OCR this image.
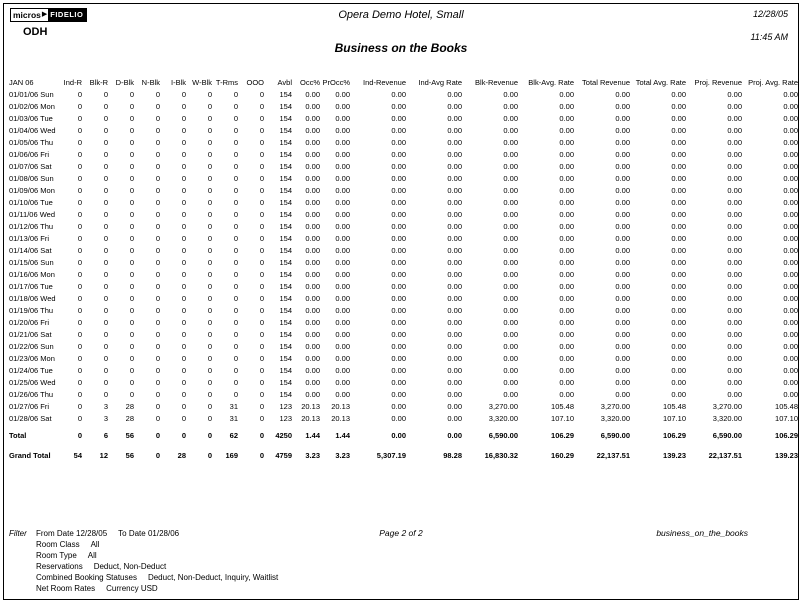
micros ▶ FIDELIO
ODH
Opera Demo Hotel, Small	12/28/05
11:45 AM
Business on the Books
JAN 06	Ind-R	Blk-R	D-Blk	N-Blk	I-Blk	W-Blk	T-Rms	OOO	Avbl	Occ%	PrOcc%	Ind-Revenue	Ind-Avg Rate	Blk-Revenue	Blk-Avg. Rate	Total Revenue	Total Avg. Rate	Proj. Revenue	Proj. Avg. Rate
01/01/06 Sun	0	0	0	0	0	0	0	0	154	0.00	0.00	0.00	0.00	0.00	0.00	0.00	0.00	0.00	0.00
01/02/06 Mon	0	0	0	0	0	0	0	0	154	0.00	0.00	0.00	0.00	0.00	0.00	0.00	0.00	0.00	0.00
01/03/06 Tue	0	0	0	0	0	0	0	0	154	0.00	0.00	0.00	0.00	0.00	0.00	0.00	0.00	0.00	0.00
01/04/06 Wed	0	0	0	0	0	0	0	0	154	0.00	0.00	0.00	0.00	0.00	0.00	0.00	0.00	0.00	0.00
01/05/06 Thu	0	0	0	0	0	0	0	0	154	0.00	0.00	0.00	0.00	0.00	0.00	0.00	0.00	0.00	0.00
01/06/06 Fri	0	0	0	0	0	0	0	0	154	0.00	0.00	0.00	0.00	0.00	0.00	0.00	0.00	0.00	0.00
01/07/06 Sat	0	0	0	0	0	0	0	0	154	0.00	0.00	0.00	0.00	0.00	0.00	0.00	0.00	0.00	0.00
01/08/06 Sun	0	0	0	0	0	0	0	0	154	0.00	0.00	0.00	0.00	0.00	0.00	0.00	0.00	0.00	0.00
01/09/06 Mon	0	0	0	0	0	0	0	0	154	0.00	0.00	0.00	0.00	0.00	0.00	0.00	0.00	0.00	0.00
01/10/06 Tue	0	0	0	0	0	0	0	0	154	0.00	0.00	0.00	0.00	0.00	0.00	0.00	0.00	0.00	0.00
01/11/06 Wed	0	0	0	0	0	0	0	0	154	0.00	0.00	0.00	0.00	0.00	0.00	0.00	0.00	0.00	0.00
01/12/06 Thu	0	0	0	0	0	0	0	0	154	0.00	0.00	0.00	0.00	0.00	0.00	0.00	0.00	0.00	0.00
01/13/06 Fri	0	0	0	0	0	0	0	0	154	0.00	0.00	0.00	0.00	0.00	0.00	0.00	0.00	0.00	0.00
01/14/06 Sat	0	0	0	0	0	0	0	0	154	0.00	0.00	0.00	0.00	0.00	0.00	0.00	0.00	0.00	0.00
01/15/06 Sun	0	0	0	0	0	0	0	0	154	0.00	0.00	0.00	0.00	0.00	0.00	0.00	0.00	0.00	0.00
01/16/06 Mon	0	0	0	0	0	0	0	0	154	0.00	0.00	0.00	0.00	0.00	0.00	0.00	0.00	0.00	0.00
01/17/06 Tue	0	0	0	0	0	0	0	0	154	0.00	0.00	0.00	0.00	0.00	0.00	0.00	0.00	0.00	0.00
01/18/06 Wed	0	0	0	0	0	0	0	0	154	0.00	0.00	0.00	0.00	0.00	0.00	0.00	0.00	0.00	0.00
01/19/06 Thu	0	0	0	0	0	0	0	0	154	0.00	0.00	0.00	0.00	0.00	0.00	0.00	0.00	0.00	0.00
01/20/06 Fri	0	0	0	0	0	0	0	0	154	0.00	0.00	0.00	0.00	0.00	0.00	0.00	0.00	0.00	0.00
01/21/06 Sat	0	0	0	0	0	0	0	0	154	0.00	0.00	0.00	0.00	0.00	0.00	0.00	0.00	0.00	0.00
01/22/06 Sun	0	0	0	0	0	0	0	0	154	0.00	0.00	0.00	0.00	0.00	0.00	0.00	0.00	0.00	0.00
01/23/06 Mon	0	0	0	0	0	0	0	0	154	0.00	0.00	0.00	0.00	0.00	0.00	0.00	0.00	0.00	0.00
01/24/06 Tue	0	0	0	0	0	0	0	0	154	0.00	0.00	0.00	0.00	0.00	0.00	0.00	0.00	0.00	0.00
01/25/06 Wed	0	0	0	0	0	0	0	0	154	0.00	0.00	0.00	0.00	0.00	0.00	0.00	0.00	0.00	0.00
01/26/06 Thu	0	0	0	0	0	0	0	0	154	0.00	0.00	0.00	0.00	0.00	0.00	0.00	0.00	0.00	0.00
01/27/06 Fri	0	3	28	0	0	0	31	0	123	20.13	20.13	0.00	0.00	3,270.00	105.48	3,270.00	105.48	3,270.00	105.48
01/28/06 Sat	0	3	28	0	0	0	31	0	123	20.13	20.13	0.00	0.00	3,320.00	107.10	3,320.00	107.10	3,320.00	107.10

Total	0	6	56	0	0	0	62	0	4250	1.44	1.44	0.00	0.00	6,590.00	106.29	6,590.00	106.29	6,590.00	106.29

Grand Total	54	12	56	0	28	0	169	0	4759	3.23	3.23	5,307.19	98.28	16,830.32	160.29	22,137.51	139.23	22,137.51	139.23
Filter From Date 12/28/05 To Date 01/28/06
Room Class All
Room Type All
Reservations Deduct, Non-Deduct
Combined Booking Statuses Deduct, Non-Deduct, Inquiry, Waitlist
Net Room Rates Currency USD
Page 2 of 2	business_on_the_books
